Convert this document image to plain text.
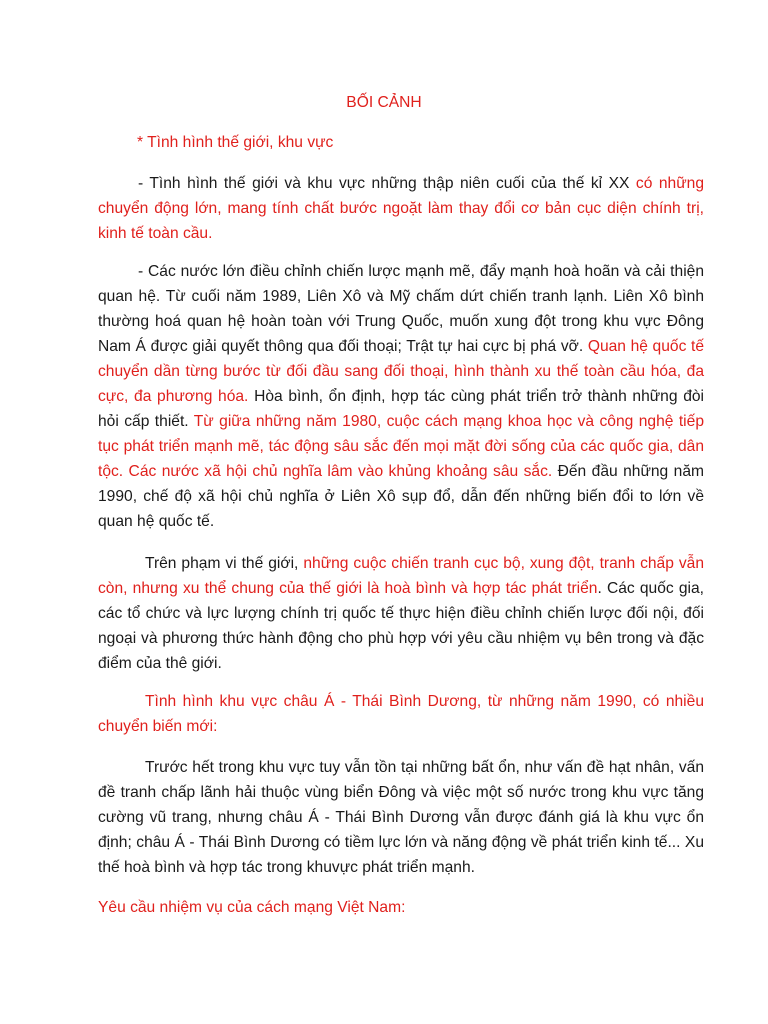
BỐI CẢNH
* Tình hình thế giới, khu vực

- Tình hình thế giới và khu vực những thập niên cuối của thế kỉ XX có những chuyển động lớn, mang tính chất bước ngoặt làm thay đổi cơ bản cục diện chính trị, kinh tế toàn cầu.

- Các nước lớn điều chỉnh chiến lược mạnh mẽ, đẩy mạnh hoà hoãn và cải thiện quan hệ. Từ cuối năm 1989, Liên Xô và Mỹ chấm dứt chiến tranh lạnh. Liên Xô bình thường hoá quan hệ hoàn toàn với Trung Quốc, muốn xung đột trong khu vực Đông Nam Á được giải quyết thông qua đối thoại; Trật tự hai cực bị phá vỡ. Quan hệ quốc tế chuyển dần từng bước từ đối đầu sang đối thoại, hình thành xu thế toàn cầu hóa, đa cực, đa phương hóa. Hòa bình, ổn định, hợp tác cùng phát triển trở thành những đòi hỏi cấp thiết. Từ giữa những năm 1980, cuộc cách mạng khoa học và công nghệ tiếp tục phát triển mạnh mẽ, tác động sâu sắc đến mọi mặt đời sống của các quốc gia, dân tộc. Các nước xã hội chủ nghĩa lâm vào khủng khoảng sâu sắc. Đến đầu những năm 1990, chế độ xã hội chủ nghĩa ở Liên Xô sụp đổ, dẫn đến những biến đổi to lớn về quan hệ quốc tế.

Trên phạm vi thế giới, những cuộc chiến tranh cục bộ, xung đột, tranh chấp vẫn còn, nhưng xu thể chung của thế giới là hoà bình và hợp tác phát triển. Các quốc gia, các tổ chức và lực lượng chính trị quốc tế thực hiện điều chỉnh chiến lược đối nội, đối ngoại và phương thức hành động cho phù hợp với yêu cầu nhiệm vụ bên trong và đặc điểm của thê giới.

Tình hình khu vực châu Á - Thái Bình Dương, từ những năm 1990, có nhiều chuyển biến mới:

Trước hết trong khu vực tuy vẫn tồn tại những bất ổn, như vấn đề hạt nhân, vấn đề tranh chấp lãnh hải thuộc vùng biển Đông và việc một số nước trong khu vực tăng cường vũ trang, nhưng châu Á - Thái Bình Dương vẫn được đánh giá là khu vực ổn định; châu Á - Thái Bình Dương có tiềm lực lớn và năng động về phát triển kinh tế... Xu thế hoà bình và hợp tác trong khuvực phát triển mạnh.

Yêu cầu nhiệm vụ của cách mạng Việt Nam:
